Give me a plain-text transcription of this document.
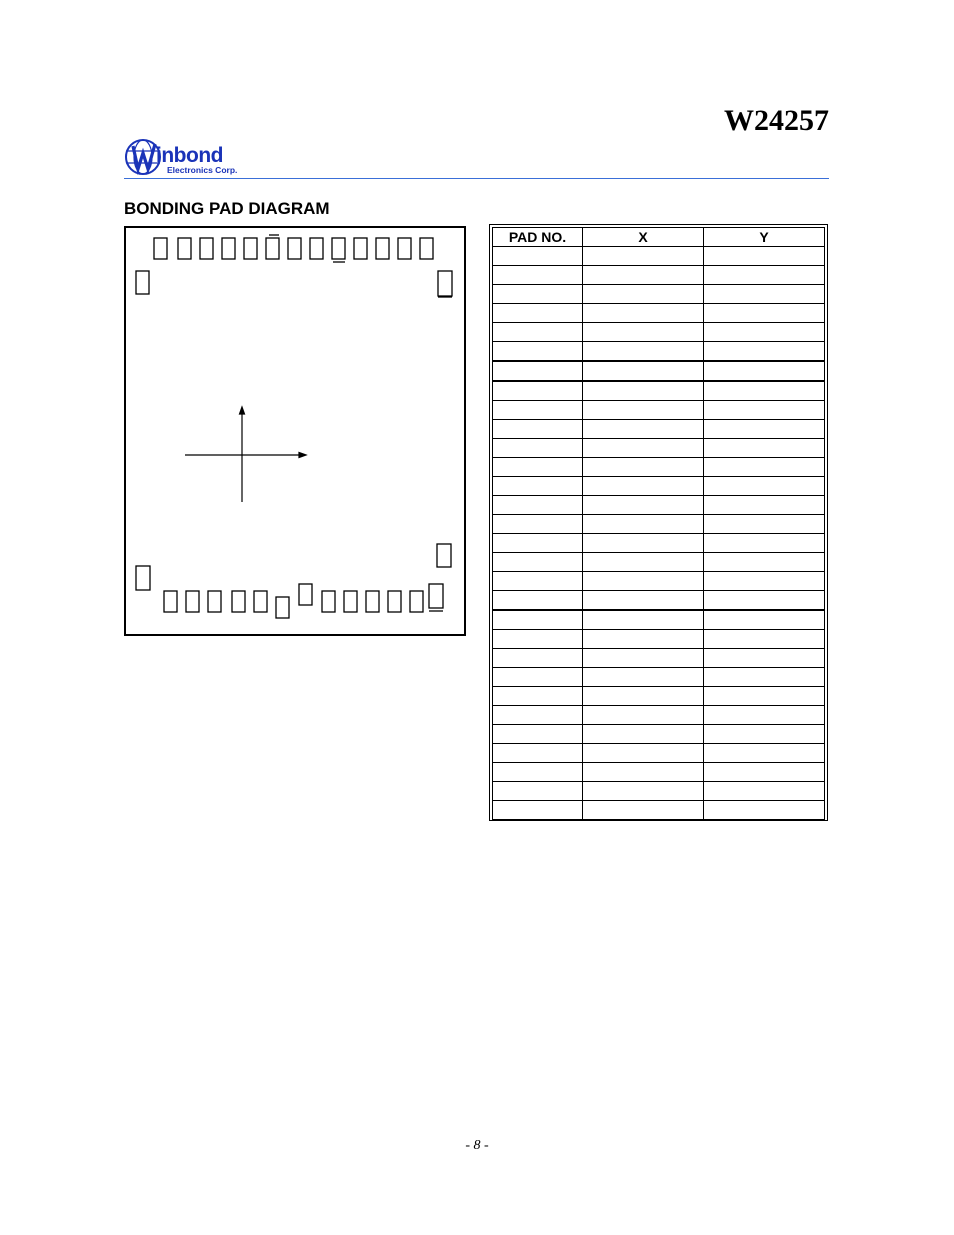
W24257
inbond
Electronics Corp.
BONDING PAD DIAGRAM
PAD NO.	X	Y

- 8 -
